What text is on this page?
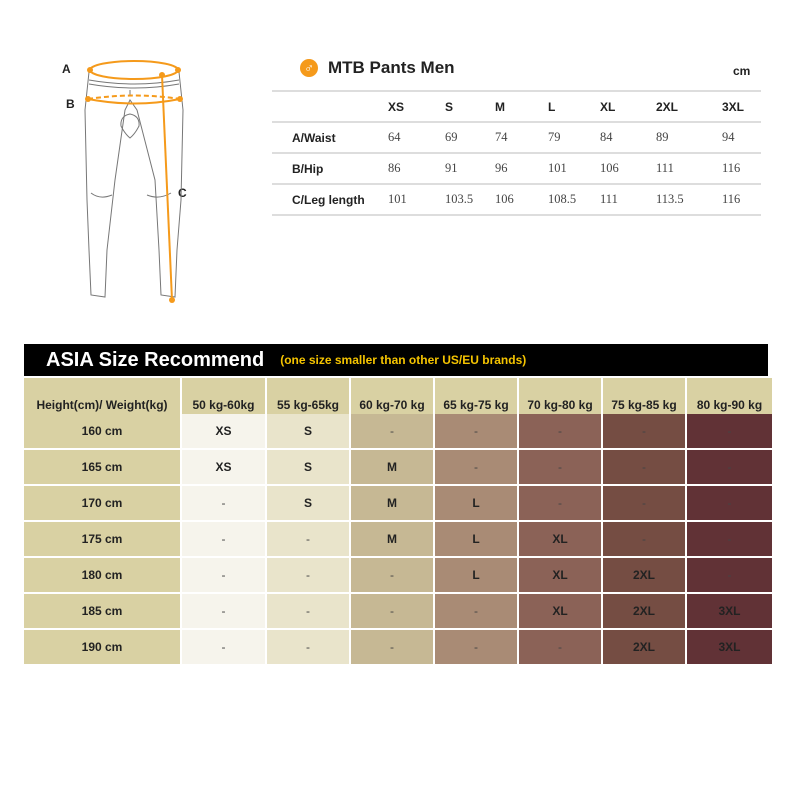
A
B
C
♂ MTB Pants Men	cm
XS	S	M	L	XL	2XL	3XL
A/Waist	64	69	74	79	84	89	94
B/Hip	86	91	96	101	106	111	116
C/Leg length	101	103.5	106	108.5	111	113.5	116
ASIA Size Recommend (one size smaller than other US/EU brands)
Height(cm)/ Weight(kg)	50 kg-60kg	55 kg-65kg	60 kg-70 kg	65 kg-75 kg	70 kg-80 kg	75 kg-85 kg	80 kg-90 kg
160 cm	XS	S	-	-	-	-	-
165 cm	XS	S	M	-	-	-	-
170 cm	-	S	M	L	-	-	-
175 cm	-	-	M	L	XL	-	-
180 cm	-	-	-	L	XL	2XL	-
185 cm	-	-	-	-	XL	2XL	3XL
190 cm	-	-	-	-	-	2XL	3XL
